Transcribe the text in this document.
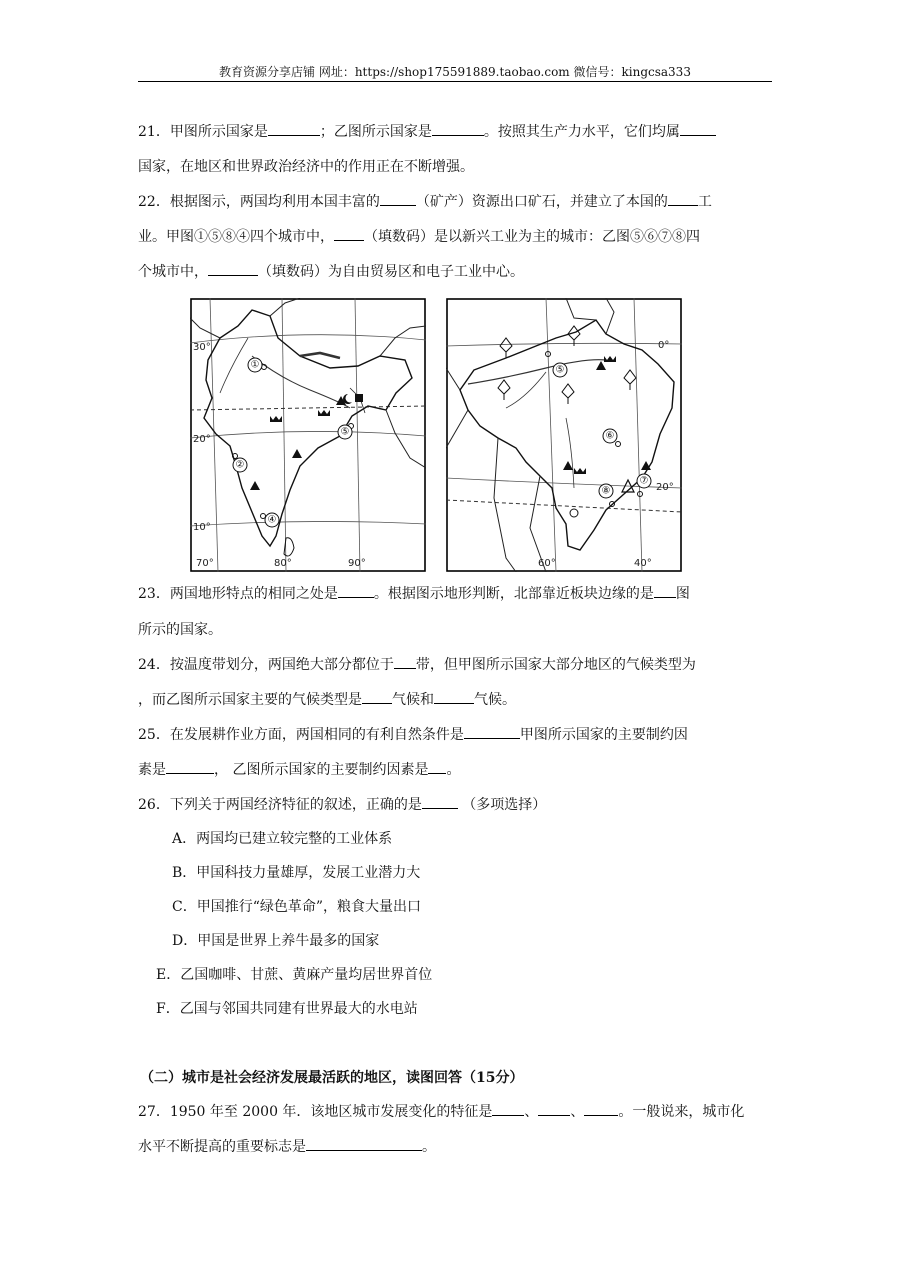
教育资源分享店铺 网址：https://shop175591889.taobao.com 微信号：kingcsa333
21．甲图所示国家是	；乙图所示国家是	。按照其生产力水平，它们均属
国家，在地区和世界政治经济中的作用正在不断增强。
22．根据图示，两国均利用本国丰富的	（矿产）资源出口矿石，并建立了本国的 工
业。甲图①⑤⑧④四个城市中， （填数码）是以新兴工业为主的城市：乙图⑤⑥⑦⑧四
个城市中，	（填数码）为自由贸易区和电子工业中心。
①
②
④
⑤
30°
20°
10°
70°	80°	90°
⑤
⑥
⑦
⑧
0°
20°
60°	40°
23．两国地形特点的相同之处是	。根据图示地形判断，北部靠近板块边缘的是 图
所示的国家。
24．按温度带划分，两国绝大部分都位于 带，但甲图所示国家大部分地区的气候类型为
，而乙图所示国家主要的气候类型是 气候和	气候。
25．在发展耕作业方面，两国相同的有利自然条件是	甲图所示国家的主要制约因
素是	， 乙图所示国家的主要制约因素是 。
26．下列关于两国经济特征的叙述，正确的是	（多项选择）
A．两国均已建立较完整的工业体系
B．甲国科技力量雄厚，发展工业潜力大
C．甲国推行“绿色革命”，粮食大量出口
D．甲国是世界上养牛最多的国家
E．乙国咖啡、甘蔗、黄麻产量均居世界首位
F．乙国与邻国共同建有世界最大的水电站
（二）城市是社会经济发展最活跃的地区，读图回答（15分）
27．1950 年至 2000 年．该地区城市发展变化的特征是 、 、 。一般说来，城市化
水平不断提高的重要标志是	。
